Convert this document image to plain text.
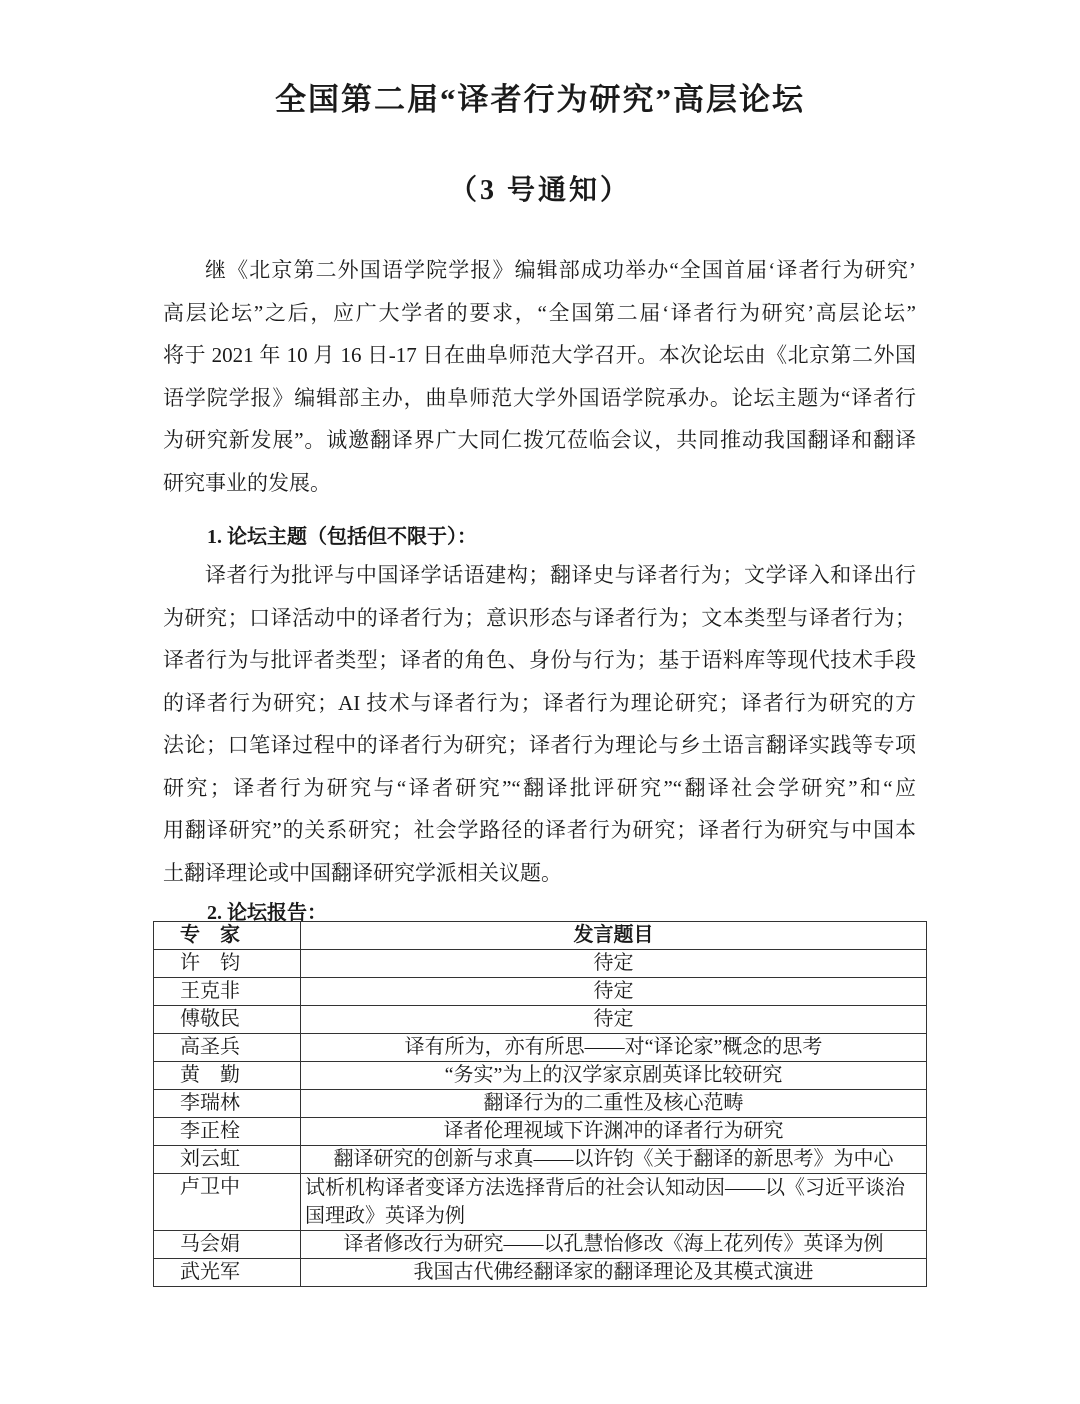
全国第二届“译者行为研究”高层论坛
（3 号通知）
继《北京第二外国语学院学报》编辑部成功举办“全国首届‘译者行为研究’
高层论坛”之后，应广大学者的要求，“全国第二届‘译者行为研究’高层论坛”
将于 2021 年 10 月 16 日-17 日在曲阜师范大学召开。本次论坛由《北京第二外国
语学院学报》编辑部主办，曲阜师范大学外国语学院承办。论坛主题为“译者行
为研究新发展”。诚邀翻译界广大同仁拨冗莅临会议，共同推动我国翻译和翻译
研究事业的发展。
1. 论坛主题（包括但不限于）：
译者行为批评与中国译学话语建构；翻译史与译者行为；文学译入和译出行
为研究；口译活动中的译者行为；意识形态与译者行为；文本类型与译者行为；
译者行为与批评者类型；译者的角色、身份与行为；基于语料库等现代技术手段
的译者行为研究；AI 技术与译者行为；译者行为理论研究；译者行为研究的方
法论；口笔译过程中的译者行为研究；译者行为理论与乡土语言翻译实践等专项
研究；译者行为研究与“译者研究”“翻译批评研究”“翻译社会学研究”和“应
用翻译研究”的关系研究；社会学路径的译者行为研究；译者行为研究与中国本
土翻译理论或中国翻译研究学派相关议题。
2. 论坛报告：
专　家	发言题目
许　钧	待定
王克非	待定
傅敬民	待定
高圣兵	译有所为，亦有所思——对“译论家”概念的思考
黄　勤	“务实”为上的汉学家京剧英译比较研究
李瑞林	翻译行为的二重性及核心范畴
李正栓	译者伦理视域下许渊冲的译者行为研究
刘云虹	翻译研究的创新与求真——以许钧《关于翻译的新思考》为中心
卢卫中	试析机构译者变译方法选择背后的社会认知动因——以《习近平谈治国理政》英译为例
马会娟	译者修改行为研究——以孔慧怡修改《海上花列传》英译为例
武光军	我国古代佛经翻译家的翻译理论及其模式演进
